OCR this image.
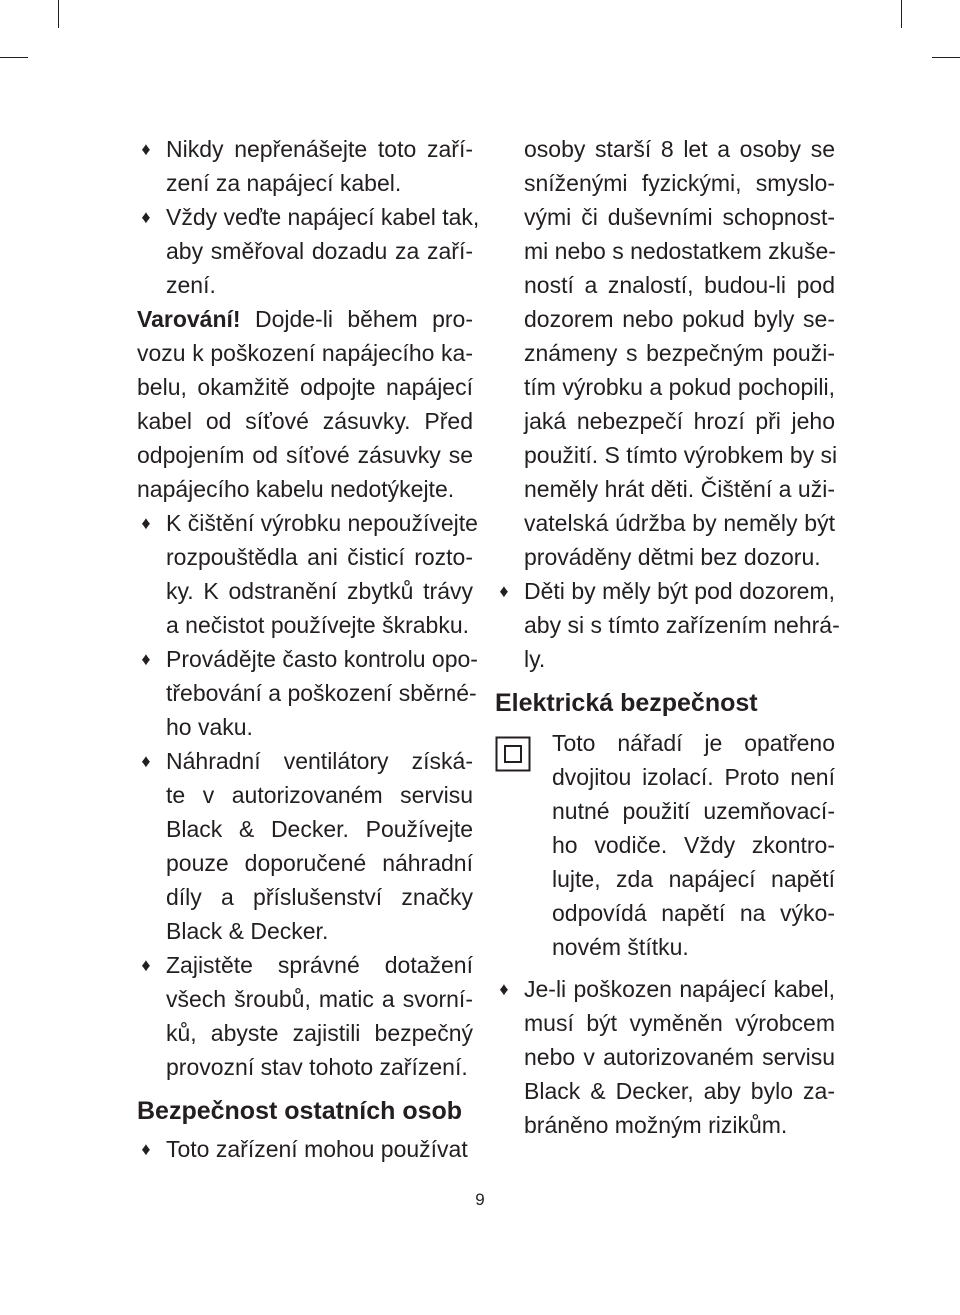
♦ Nikdy nepřenášejte toto zaří-
zení za napájecí kabel.
♦ Vždy veďte napájecí kabel tak,
aby směřoval dozadu za zaří-
zení.
Varování! Dojde-li během pro-
vozu k poškození napájecího ka-
belu, okamžitě odpojte napájecí
kabel od síťové zásuvky. Před
odpojením od síťové zásuvky se
napájecího kabelu nedotýkejte.
♦ K čištění výrobku nepoužívejte
rozpouštědla ani čisticí rozto-
ky. K odstranění zbytků trávy
a nečistot používejte škrabku.
♦ Provádějte často kontrolu opo-
třebování a poškození sběrné-
ho vaku.
♦ Náhradní ventilátory získá-
te v autorizovaném servisu
Black & Decker. Používejte
pouze doporučené náhradní
díly a příslušenství značky
Black & Decker.
♦ Zajistěte správné dotažení
všech šroubů, matic a svorní-
ků, abyste zajistili bezpečný
provozní stav tohoto zařízení.
Bezpečnost ostatních osob
♦ Toto zařízení mohou používat
osoby starší 8 let a osoby se
sníženými fyzickými, smyslo-
vými či duševními schopnost-
mi nebo s nedostatkem zkuše-
ností a znalostí, budou-li pod
dozorem nebo pokud byly se-
známeny s bezpečným použi-
tím výrobku a pokud pochopili,
jaká nebezpečí hrozí při jeho
použití. S tímto výrobkem by si
neměly hrát děti. Čištění a uži-
vatelská údržba by neměly být
prováděny dětmi bez dozoru.
♦ Děti by měly být pod dozorem,
aby si s tímto zařízením nehrá-
ly.
Elektrická bezpečnost
Toto nářadí je opatřeno
dvojitou izolací. Proto není
nutné použití uzemňovací-
ho vodiče. Vždy zkontro-
lujte, zda napájecí napětí
odpovídá napětí na výko-
novém štítku.
♦ Je-li poškozen napájecí kabel,
musí být vyměněn výrobcem
nebo v autorizovaném servisu
Black & Decker, aby bylo za-
bráněno možným rizikům.
9
